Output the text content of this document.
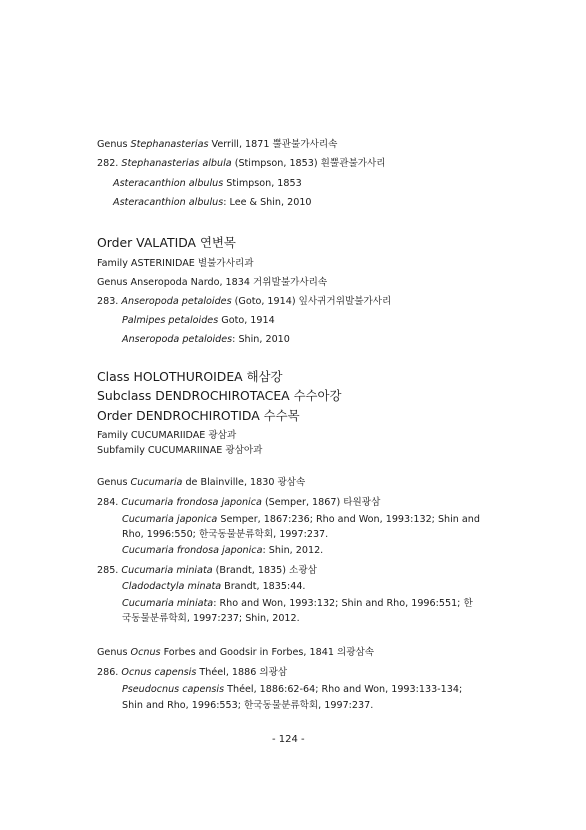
Genus Stephanasterias Verrill, 1871 뿔관불가사리속
282. Stephanasterias albula (Stimpson, 1853) 흰뿔관불가사리
Asteracanthion albulus Stimpson, 1853
Asteracanthion albulus: Lee & Shin, 2010
Order VALATIDA 연변목
Family ASTERINIDAE 별불가사리과
Genus Anseropoda Nardo, 1834 거위발불가사리속
283. Anseropoda petaloides (Goto, 1914) 잎사귀거위발불가사리
Palmipes petaloides Goto, 1914
Anseropoda petaloides: Shin, 2010
Class HOLOTHUROIDEA 해삼강
Subclass DENDROCHIROTACEA 수수아강
Order DENDROCHIROTIDA 수수목
Family CUCUMARIIDAE 광삼과
Subfamily CUCUMARIINAE 광삼아과
Genus Cucumaria de Blainville, 1830 광삼속
284. Cucumaria frondosa japonica (Semper, 1867) 타원광삼
Cucumaria japonica Semper, 1867:236; Rho and Won, 1993:132; Shin and
Rho, 1996:550; 한국동물분류학회, 1997:237.
Cucumaria frondosa japonica: Shin, 2012.
285. Cucumaria miniata (Brandt, 1835) 소광삼
Cladodactyla minata Brandt, 1835:44.
Cucumaria miniata: Rho and Won, 1993:132; Shin and Rho, 1996:551; 한
국동물분류학회, 1997:237; Shin, 2012.
Genus Ocnus Forbes and Goodsir in Forbes, 1841 의광삼속
286. Ocnus capensis Théel, 1886 의광삼
Pseudocnus capensis Théel, 1886:62-64; Rho and Won, 1993:133-134;
Shin and Rho, 1996:553; 한국동물분류학회, 1997:237.
- 124 -
